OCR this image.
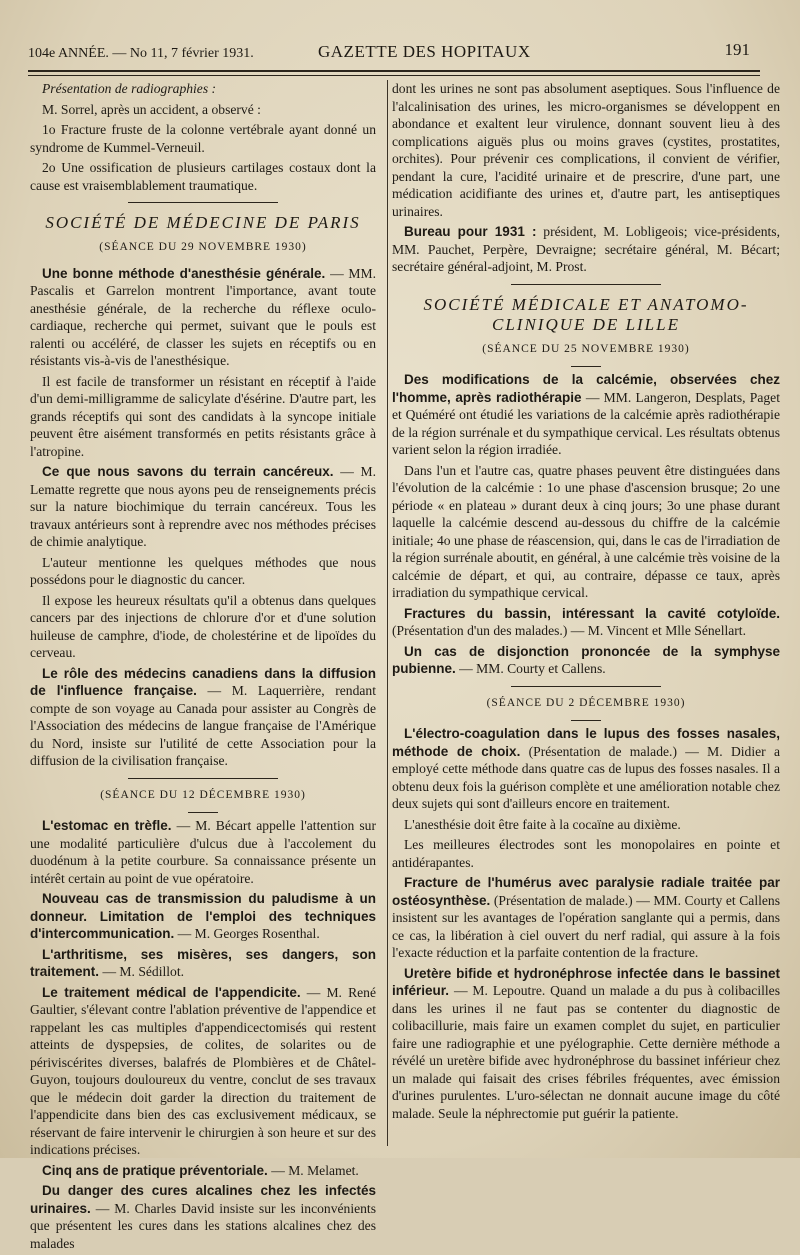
104e ANNÉE. — No 11, 7 février 1931.	GAZETTE DES HOPITAUX	191

Présentation de radiographies :

M. Sorrel, après un accident, a observé :

1o Fracture fruste de la colonne vertébrale ayant donné un syndrome de Kummel-Verneuil.

2o Une ossification de plusieurs cartilages costaux dont la cause est vraisemblablement traumatique.

SOCIÉTÉ DE MÉDECINE DE PARIS
(SÉANCE DU 29 NOVEMBRE 1930)

Une bonne méthode d'anesthésie générale. — MM. Pascalis et Garrelon montrent l'importance, avant toute anesthésie générale, de la recherche du réflexe oculo-cardiaque, recherche qui permet, suivant que le pouls est ralenti ou accéléré, de classer les sujets en réceptifs ou en résistants vis-à-vis de l'anesthésique.

Il est facile de transformer un résistant en réceptif à l'aide d'un demi-milligramme de salicylate d'ésérine. D'autre part, les grands réceptifs qui sont des candidats à la syncope initiale peuvent être aisément transformés en petits résistants grâce à l'atropine.

Ce que nous savons du terrain cancéreux. — M. Lematte regrette que nous ayons peu de renseignements précis sur la nature biochimique du terrain cancéreux. Tous les travaux antérieurs sont à reprendre avec nos méthodes précises de chimie analytique.

L'auteur mentionne les quelques méthodes que nous possédons pour le diagnostic du cancer.

Il expose les heureux résultats qu'il a obtenus dans quelques cancers par des injections de chlorure d'or et d'une solution huileuse de camphre, d'iode, de cholestérine et de lipoïdes du cerveau.

Le rôle des médecins canadiens dans la diffusion de l'influence française. — M. Laquerrière, rendant compte de son voyage au Canada pour assister au Congrès de l'Association des médecins de langue française de l'Amérique du Nord, insiste sur l'utilité de cette Association pour la diffusion de la civilisation française.

(SÉANCE DU 12 DÉCEMBRE 1930)

L'estomac en trèfle. — M. Bécart appelle l'attention sur une modalité particulière d'ulcus due à l'accolement du duodénum à la petite courbure. Sa connaissance présente un intérêt certain au point de vue opératoire.

Nouveau cas de transmission du paludisme à un donneur. Limitation de l'emploi des techniques d'intercommunication. — M. Georges Rosenthal.

L'arthritisme, ses misères, ses dangers, son traitement. — M. Sédillot.

Le traitement médical de l'appendicite. — M. René Gaultier, s'élevant contre l'ablation préventive de l'appendice et rappelant les cas multiples d'appendicectomisés qui restent atteints de dyspepsies, de colites, de solarites ou de périviscérites diverses, balafrés de Plombières et de Châtel-Guyon, toujours douloureux du ventre, conclut de ses travaux que le médecin doit garder la direction du traitement de l'appendicite dans bien des cas exclusivement médicaux, se réservant de faire intervenir le chirurgien à son heure et sur des indications précises.

Cinq ans de pratique préventoriale. — M. Melamet.

Du danger des cures alcalines chez les infectés urinaires. — M. Charles David insiste sur les inconvénients que présentent les cures dans les stations alcalines chez des malades

dont les urines ne sont pas absolument aseptiques. Sous l'influence de l'alcalinisation des urines, les micro-organismes se développent en abondance et exaltent leur virulence, donnant souvent lieu à des complications aiguës plus ou moins graves (cystites, prostatites, orchites). Pour prévenir ces complications, il convient de vérifier, pendant la cure, l'acidité urinaire et de prescrire, d'une part, une médication acidifiante des urines et, d'autre part, les antiseptiques urinaires.

Bureau pour 1931 : président, M. Lobligeois; vice-présidents, MM. Pauchet, Perpère, Devraigne; secrétaire général, M. Bécart; secrétaire général-adjoint, M. Prost.

SOCIÉTÉ MÉDICALE ET ANATOMO-CLINIQUE DE LILLE
(SÉANCE DU 25 NOVEMBRE 1930)

Des modifications de la calcémie, observées chez l'homme, après radiothérapie — MM. Langeron, Desplats, Paget et Quéméré ont étudié les variations de la calcémie après radiothérapie de la région surrénale et du sympathique cervical. Les résultats obtenus varient selon la région irradiée.

Dans l'un et l'autre cas, quatre phases peuvent être distinguées dans l'évolution de la calcémie : 1o une phase d'ascension brusque; 2o une période « en plateau » durant deux à cinq jours; 3o une phase durant laquelle la calcémie descend au-dessous du chiffre de la calcémie initiale; 4o une phase de réascension, qui, dans le cas de l'irradiation de la région surrénale aboutit, en général, à une calcémie très voisine de la calcémie de départ, et qui, au contraire, dépasse ce taux, après irradiation du sympathique cervical.

Fractures du bassin, intéressant la cavité cotyloïde. (Présentation d'un des malades.) — M. Vincent et Mlle Sénellart.

Un cas de disjonction prononcée de la symphyse pubienne. — MM. Courty et Callens.

(SÉANCE DU 2 DÉCEMBRE 1930)

L'électro-coagulation dans le lupus des fosses nasales, méthode de choix. (Présentation de malade.) — M. Didier a employé cette méthode dans quatre cas de lupus des fosses nasales. Il a obtenu deux fois la guérison complète et une amélioration notable chez deux sujets qui sont d'ailleurs encore en traitement.

L'anesthésie doit être faite à la cocaïne au dixième.

Les meilleures électrodes sont les monopolaires en pointe et antidérapantes.

Fracture de l'humérus avec paralysie radiale traitée par ostéosynthèse. (Présentation de malade.) — MM. Courty et Callens insistent sur les avantages de l'opération sanglante qui a permis, dans ce cas, la libération à ciel ouvert du nerf radial, qui assure à la fois l'exacte réduction et la parfaite contention de la fracture.

Uretère bifide et hydronéphrose infectée dans le bassinet inférieur. — M. Lepoutre. Quand un malade a du pus à colibacilles dans les urines il ne faut pas se contenter du diagnostic de colibacillurie, mais faire un examen complet du sujet, en particulier faire une radiographie et une pyélographie. Cette dernière méthode a révélé un uretère bifide avec hydronéphrose du bassinet inférieur chez un malade qui faisait des crises fébriles fréquentes, avec émission d'urines purulentes. L'uro-sélectan ne donnait aucune image du côté malade. Seule la néphrectomie put guérir la patiente.
